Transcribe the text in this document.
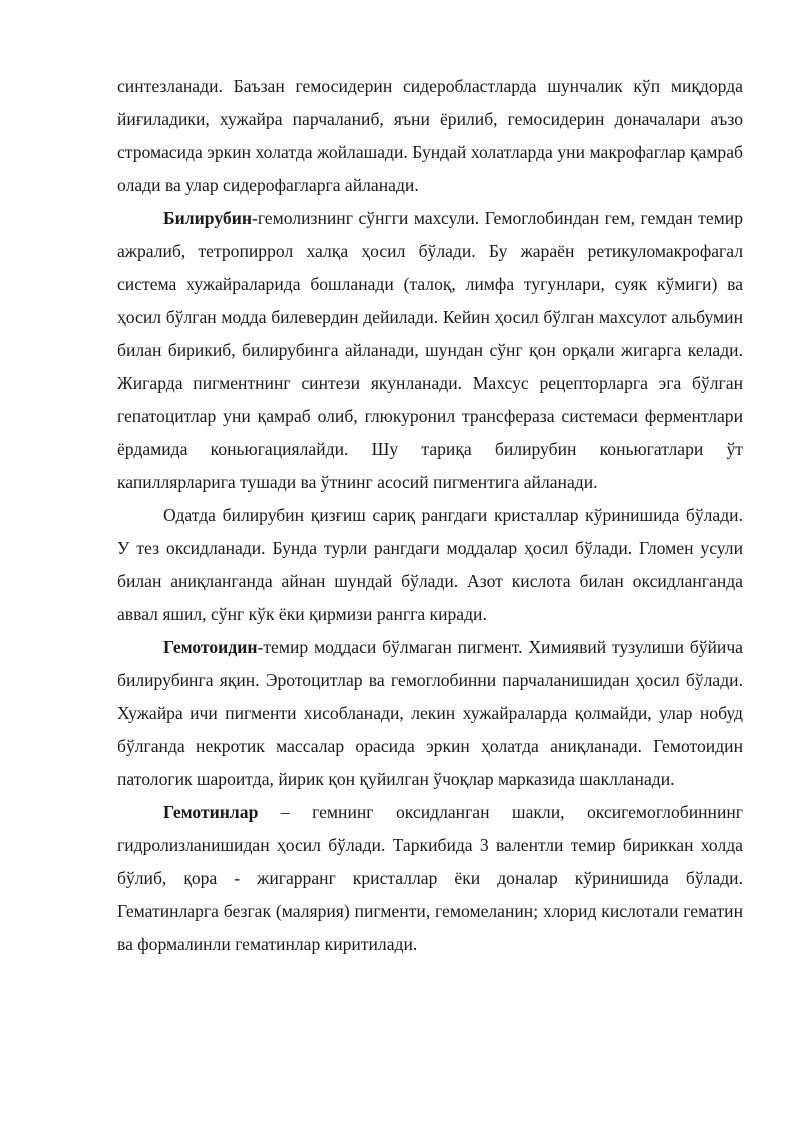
синтезланади. Баъзан гемосидерин сидеробластларда шунчалик кўп миқдорда йиғиладики, хужайра парчаланиб, яъни ёрилиб, гемосидерин доначалари аъзо стромасида эркин холатда жойлашади. Бундай холатларда уни макрофаглар қамраб олади ва улар сидерофагларга айланади.

Билирубин-гемолизнинг сўнгги махсули. Гемоглобиндан гем, гемдан темир ажралиб, тетропиррол халқа ҳосил бўлади. Бу жараён ретикуломакрофагал система хужайраларида бошланади (талоқ, лимфа тугунлари, суяк кўмиги) ва ҳосил бўлган модда билевердин дейилади. Кейин ҳосил бўлган махсулот альбумин билан бирикиб, билирубинга айланади, шундан сўнг қон орқали жигарга келади. Жигарда пигментнинг синтези якунланади. Махсус рецепторларга эга бўлган гепатоцитлар уни қамраб олиб, глюкуронил трансфераза системаси ферментлари ёрдамида коньюгациялайди. Шу тариқа билирубин коньюгатлари ўт капиллярларига тушади ва ўтнинг асосий пигментига айланади.

Одатда билирубин қизғиш сариқ рангдаги кристаллар кўринишида бўлади. У тез оксидланади. Бунда турли рангдаги моддалар ҳосил бўлади. Гломен усули билан аниқланганда айнан шундай бўлади. Азот кислота билан оксидланганда аввал яшил, сўнг кўк ёки қирмизи рангга киради.

Гемотоидин-темир моддаси бўлмаган пигмент. Химиявий тузулиши бўйича билирубинга яқин. Эротоцитлар ва гемоглобинни парчаланишидан ҳосил бўлади. Хужайра ичи пигменти хисобланади, лекин хужайраларда қолмайди, улар нобуд бўлганда некротик массалар орасида эркин ҳолатда аниқланади. Гемотоидин патологик шароитда, йирик қон қуйилган ўчоқлар марказида шаклланади.

Гемотинлар – гемнинг оксидланган шакли, оксигемоглобиннинг гидролизланишидан ҳосил бўлади. Таркибида 3 валентли темир бириккан холда бўлиб, қора - жигарранг кристаллар ёки доналар кўринишида бўлади. Гематинларга безгак (малярия) пигменти, гемомеланин; хлорид кислотали гематин ва формалинли гематинлар киритилади.
